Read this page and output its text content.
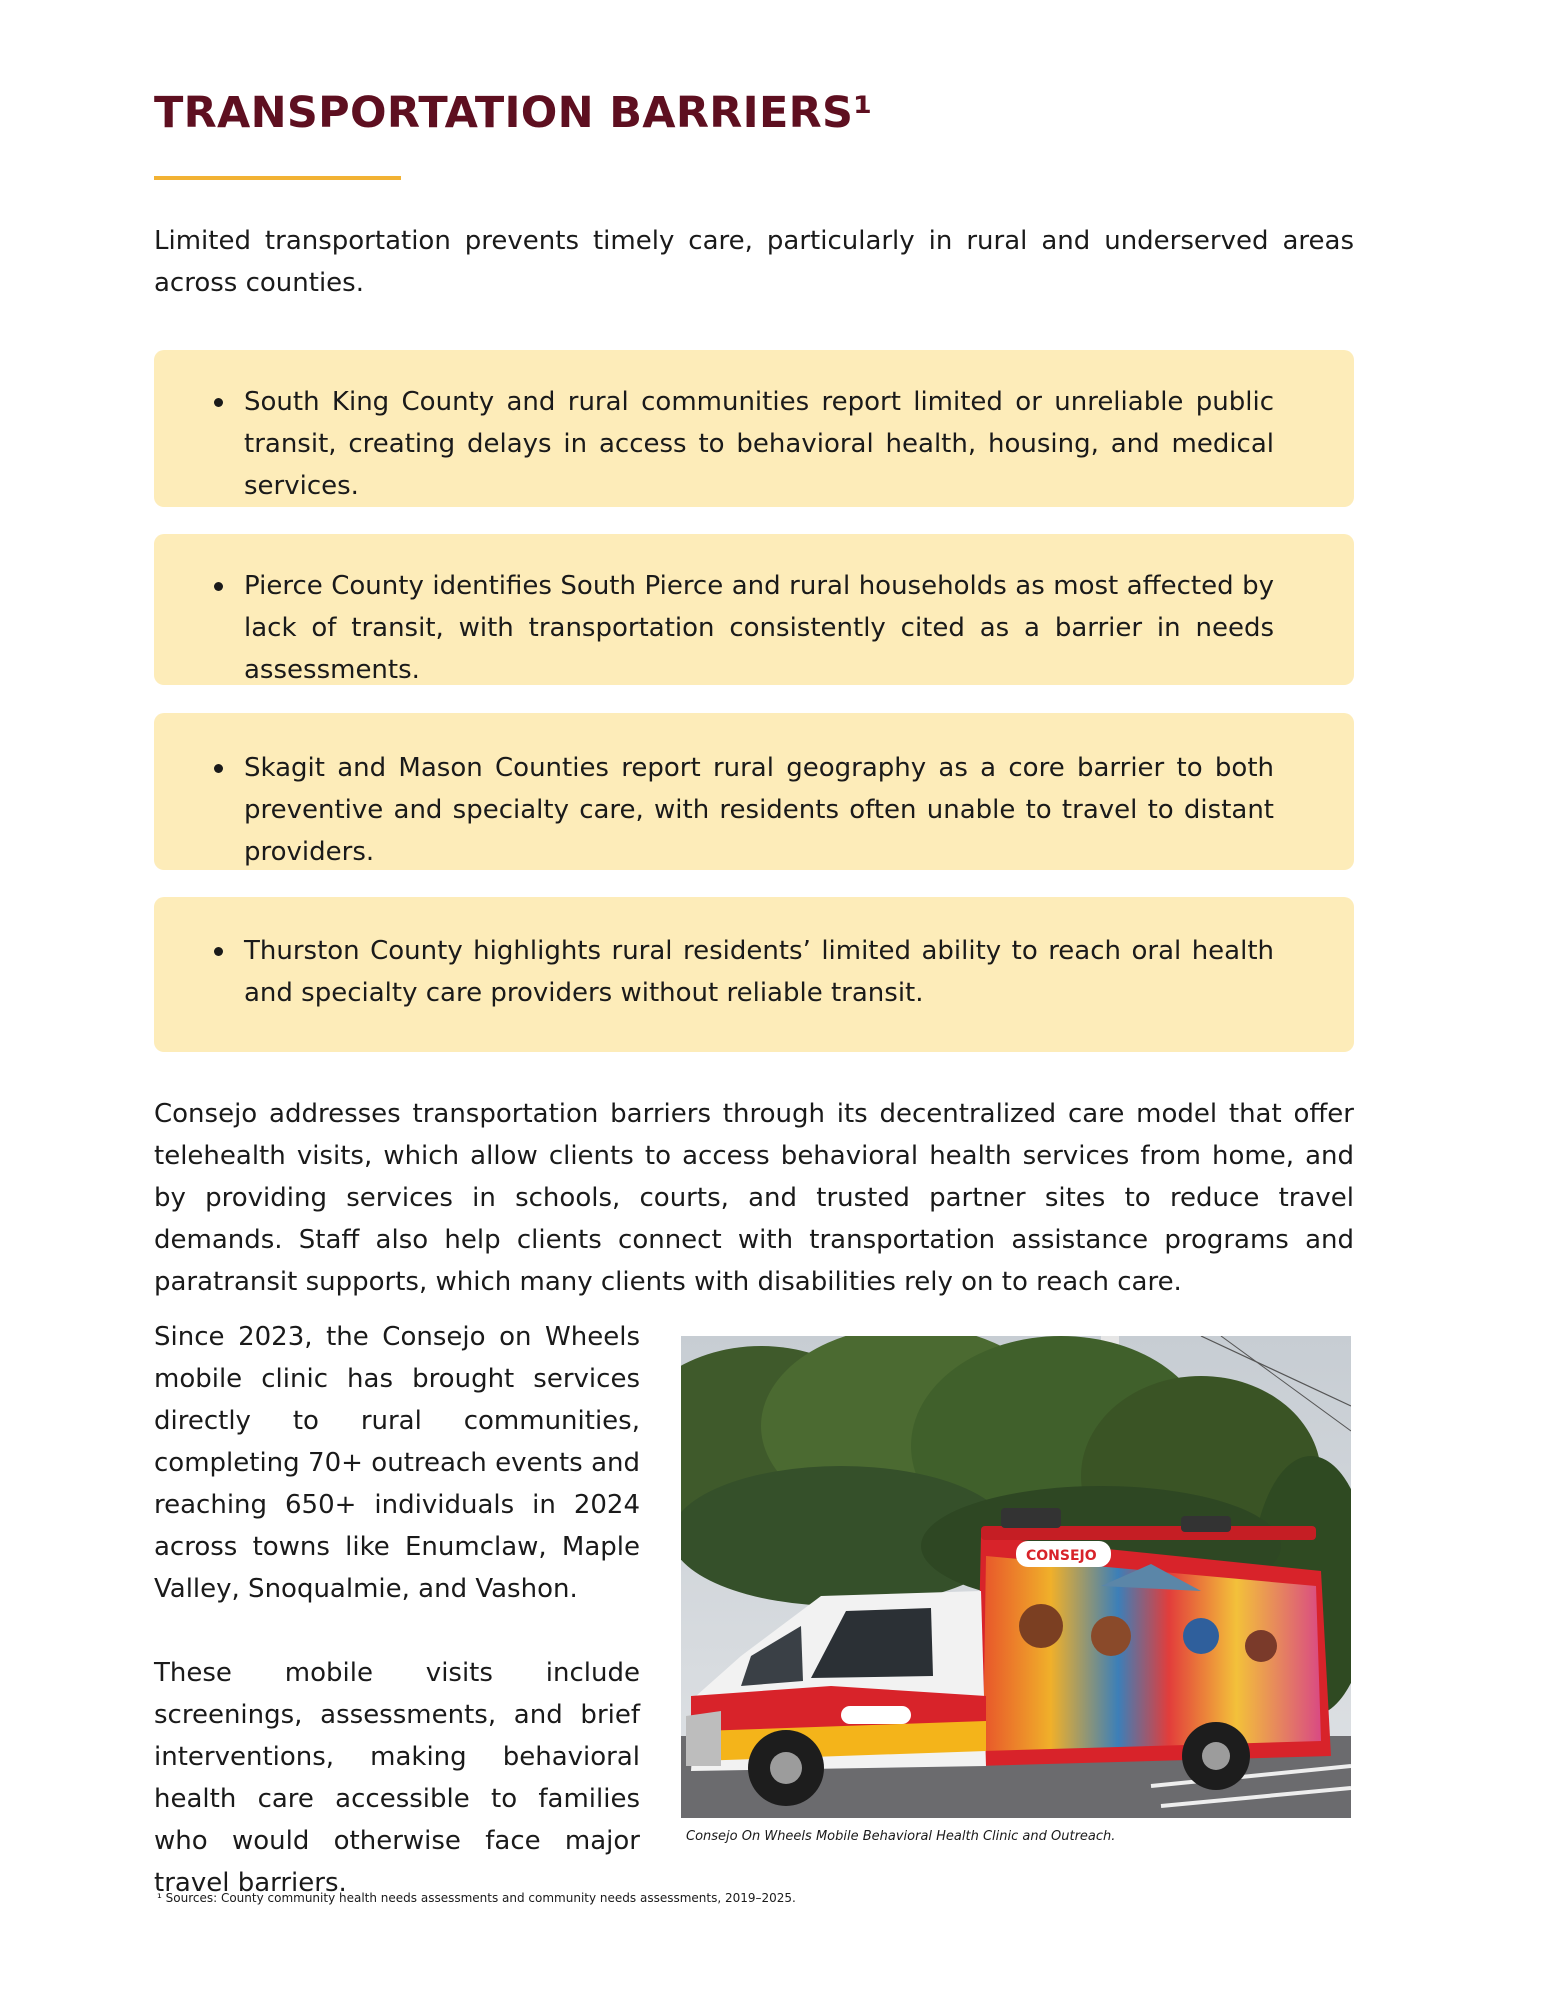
TRANSPORTATION BARRIERS¹

Limited transportation prevents timely care, particularly in rural and underserved areas across counties.

South King County and rural communities report limited or unreliable public transit, creating delays in access to behavioral health, housing, and medical services.
Pierce County identifies South Pierce and rural households as most affected by lack of transit, with transportation consistently cited as a barrier in needs assessments.
Skagit and Mason Counties report rural geography as a core barrier to both preventive and specialty care, with residents often unable to travel to distant providers.
Thurston County highlights rural residents’ limited ability to reach oral health and specialty care providers without reliable transit.

Consejo addresses transportation barriers through its decentralized care model that offer telehealth visits, which allow clients to access behavioral health services from home, and by providing services in schools, courts, and trusted partner sites to reduce travel demands. Staff also help clients connect with transportation assistance programs and paratransit supports, which many clients with disabilities rely on to reach care.

Since 2023, the Consejo on Wheels mobile clinic has brought services directly to rural communities, completing 70+ outreach events and reaching 650+ individuals in 2024 across towns like Enumclaw, Maple Valley, Snoqualmie, and Vashon.

These mobile visits include screenings, assessments, and brief interventions, making behavioral health care accessible to families who would otherwise face major travel barriers.

CONSEJO
Consejo On Wheels Mobile Behavioral Health Clinic and Outreach.
¹ Sources: County community health needs assessments and community needs assessments, 2019–2025.
